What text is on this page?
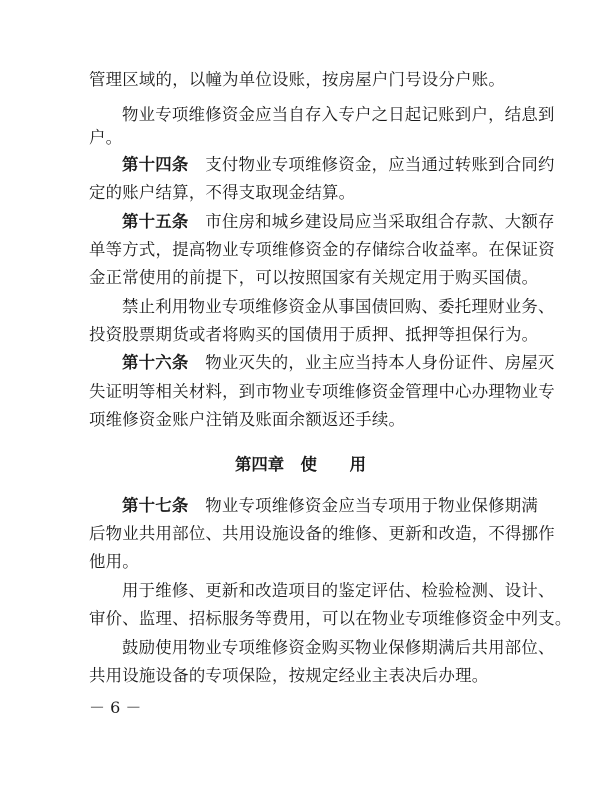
管理区域的，以幢为单位设账，按房屋户门号设分户账。
物业专项维修资金应当自存入专户之日起记账到户，结息到
户。
第十四条　 支付物业专项维修资金，应当通过转账到合同约
定的账户结算，不得支取现金结算。
第十五条　 市住房和城乡建设局应当采取组合存款、大额存
单等方式，提高物业专项维修资金的存储综合收益率。在保证资
金正常使用的前提下，可以按照国家有关规定用于购买国债。
禁止利用物业专项维修资金从事国债回购、委托理财业务、
投资股票期货或者将购买的国债用于质押、抵押等担保行为。
第十六条　 物业灭失的，业主应当持本人身份证件、房屋灭
失证明等相关材料，到市物业专项维修资金管理中心办理物业专
项维修资金账户注销及账面余额返还手续。
第四章　使　　用
第十七条　 物业专项维修资金应当专项用于物业保修期满
后物业共用部位、共用设施设备的维修、更新和改造，不得挪作
他用。
用于维修、更新和改造项目的鉴定评估、检验检测、设计、
审价、监理、招标服务等费用，可以在物业专项维修资金中列支。
鼓励使用物业专项维修资金购买物业保修期满后共用部位、
共用设施设备的专项保险，按规定经业主表决后办理。
－ 6 －
